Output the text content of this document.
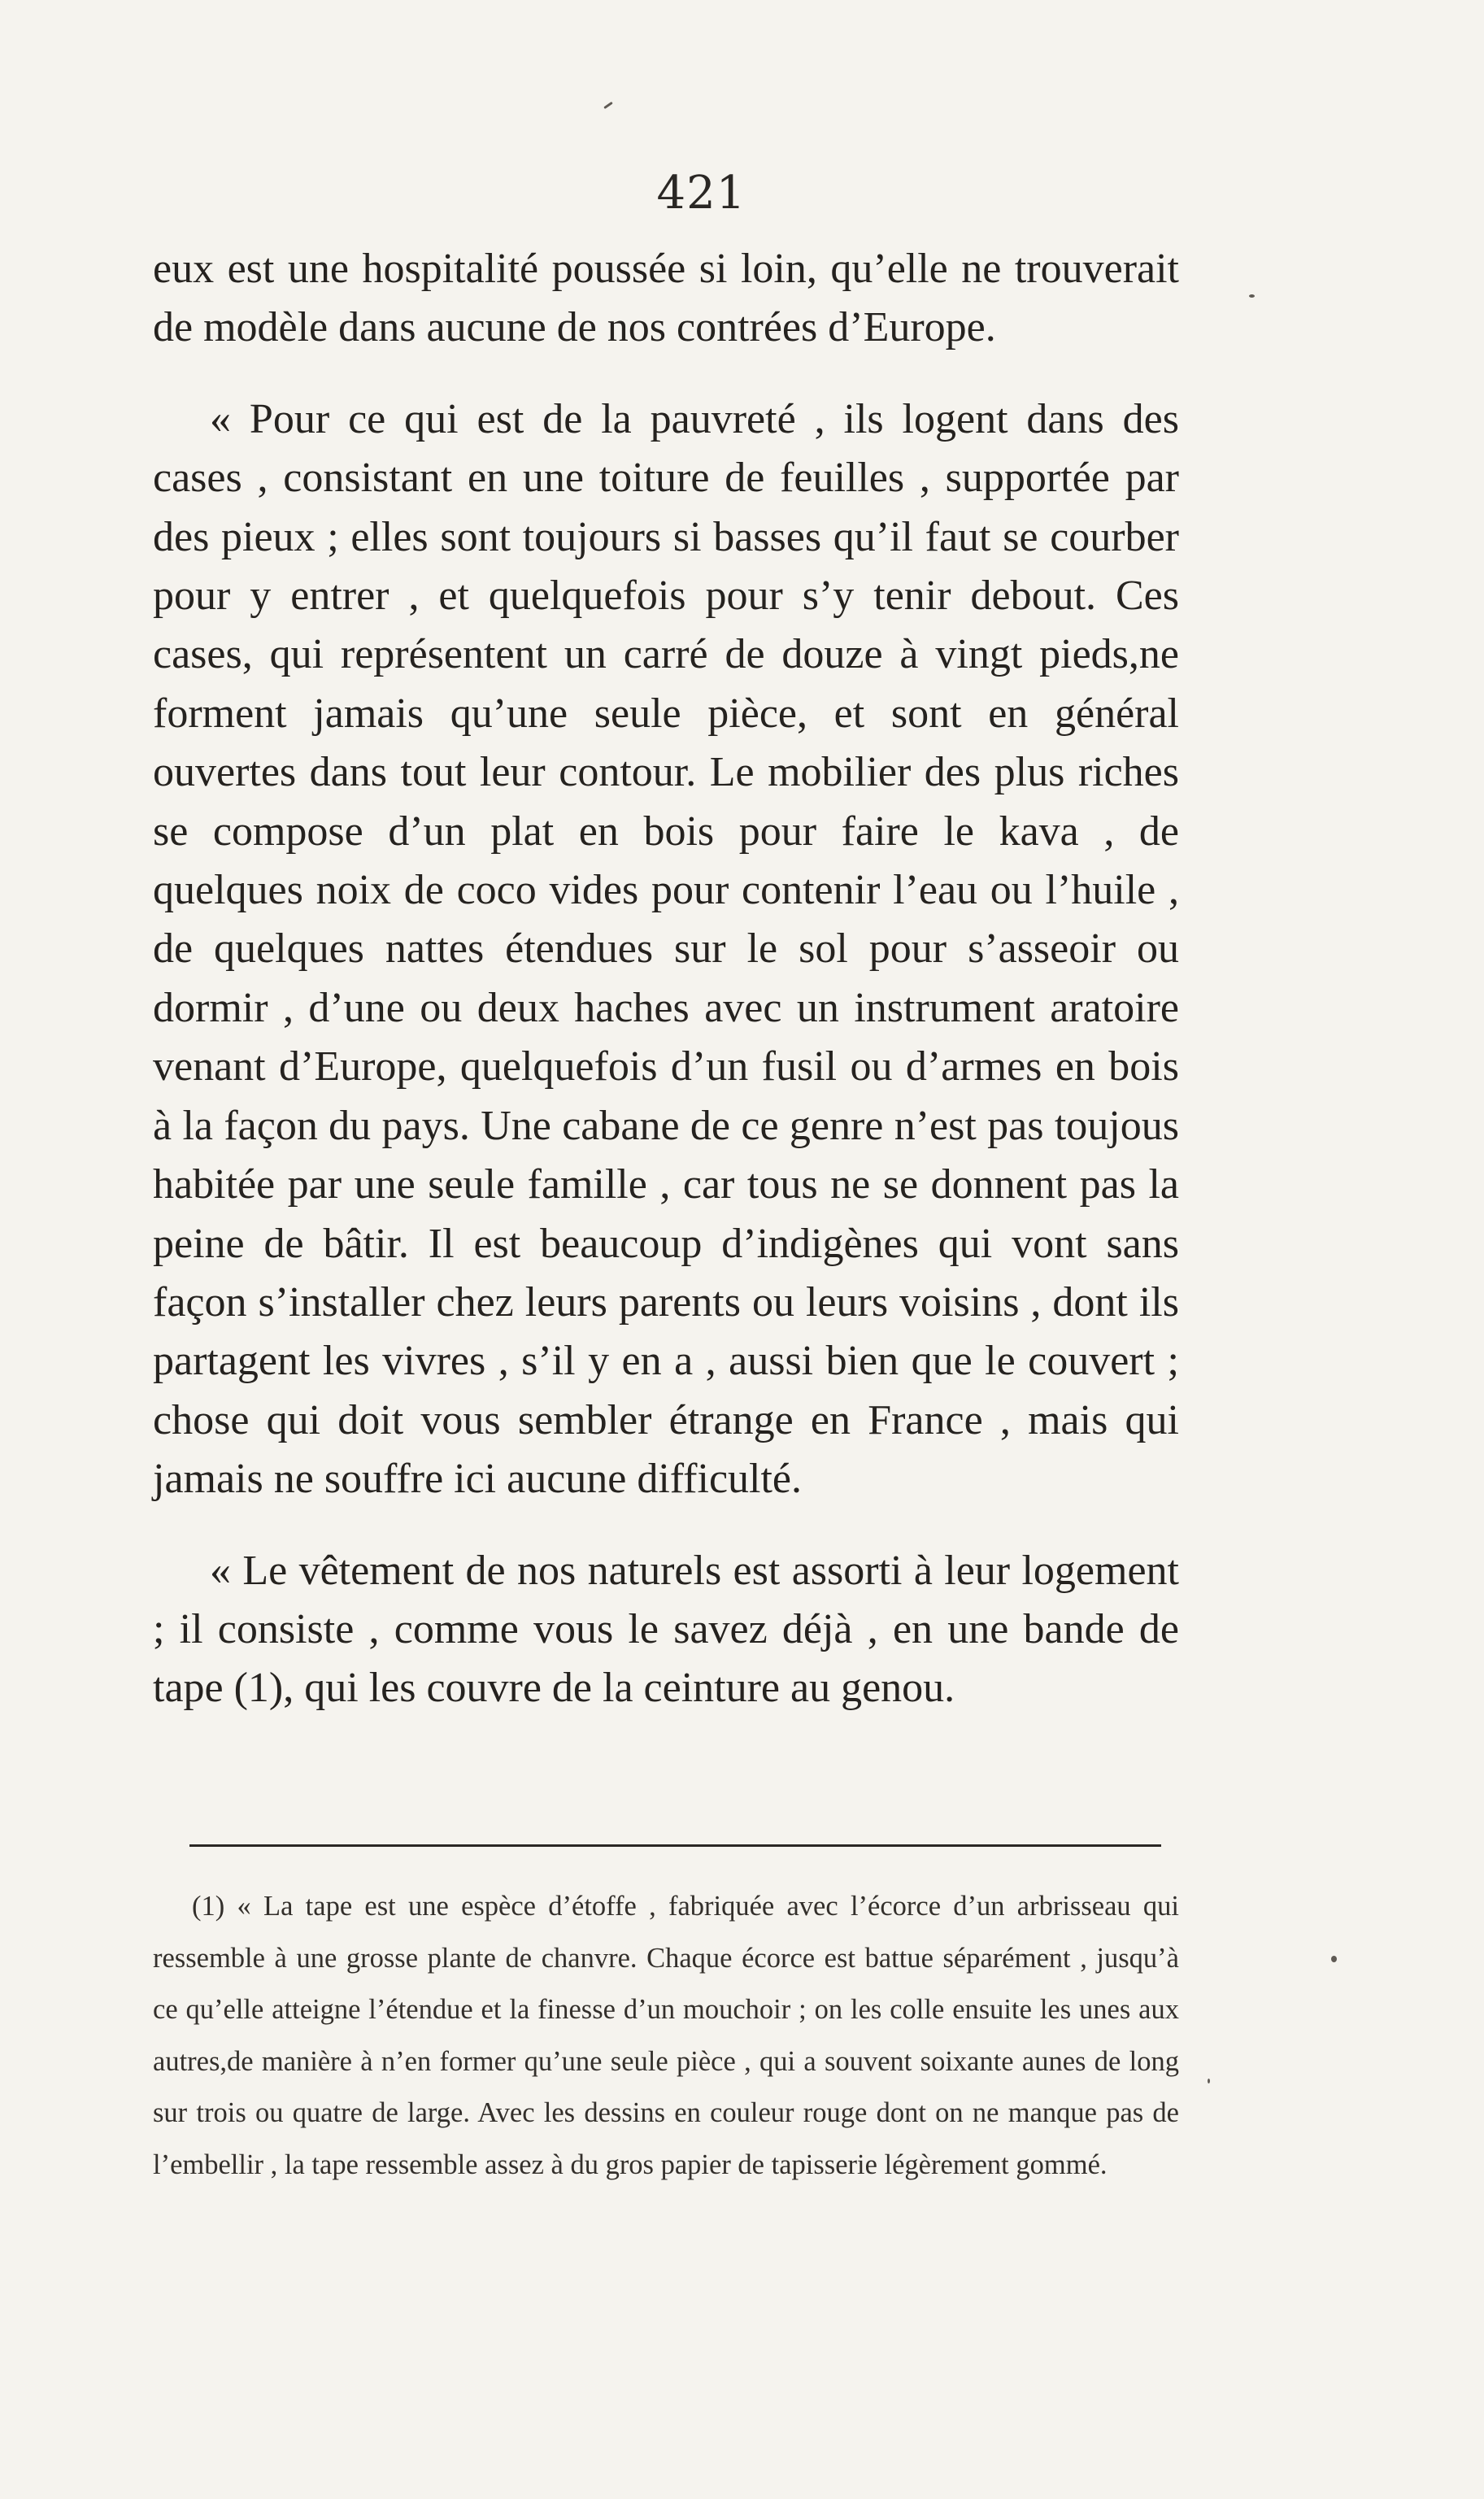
421

eux est une hospitalité poussée si loin, qu’elle ne trouverait de modèle dans aucune de nos contrées d’Europe.

« Pour ce qui est de la pauvreté , ils logent dans des cases , consistant en une toiture de feuilles , supportée par des pieux ; elles sont toujours si basses qu’il faut se courber pour y entrer , et quelquefois pour s’y tenir debout. Ces cases, qui représentent un carré de douze à vingt pieds,ne forment jamais qu’une seule pièce, et sont en général ouvertes dans tout leur contour. Le mobilier des plus riches se compose d’un plat en bois pour faire le kava , de quelques noix de coco vides pour contenir l’eau ou l’huile , de quelques nattes étendues sur le sol pour s’asseoir ou dormir , d’une ou deux haches avec un instrument aratoire venant d’Europe, quelquefois d’un fusil ou d’armes en bois à la façon du pays. Une cabane de ce genre n’est pas toujous habitée par une seule famille , car tous ne se donnent pas la peine de bâtir. Il est beaucoup d’indigènes qui vont sans façon s’installer chez leurs parents ou leurs voisins , dont ils partagent les vivres , s’il y en a , aussi bien que le couvert ; chose qui doit vous sembler étrange en France , mais qui jamais ne souffre ici aucune difficulté.

« Le vêtement de nos naturels est assorti à leur logement ; il consiste , comme vous le savez déjà , en une bande de tape (1), qui les couvre de la ceinture au genou.

(1) « La tape est une espèce d’étoffe , fabriquée avec l’écorce d’un arbrisseau qui ressemble à une grosse plante de chanvre. Chaque écorce est battue séparément , jusqu’à ce qu’elle atteigne l’étendue et la finesse d’un mouchoir ; on les colle ensuite les unes aux autres,de manière à n’en former qu’une seule pièce , qui a souvent soixante aunes de long sur trois ou quatre de large. Avec les dessins en couleur rouge dont on ne manque pas de l’embellir , la tape ressemble assez à du gros papier de tapisserie légèrement gommé.
